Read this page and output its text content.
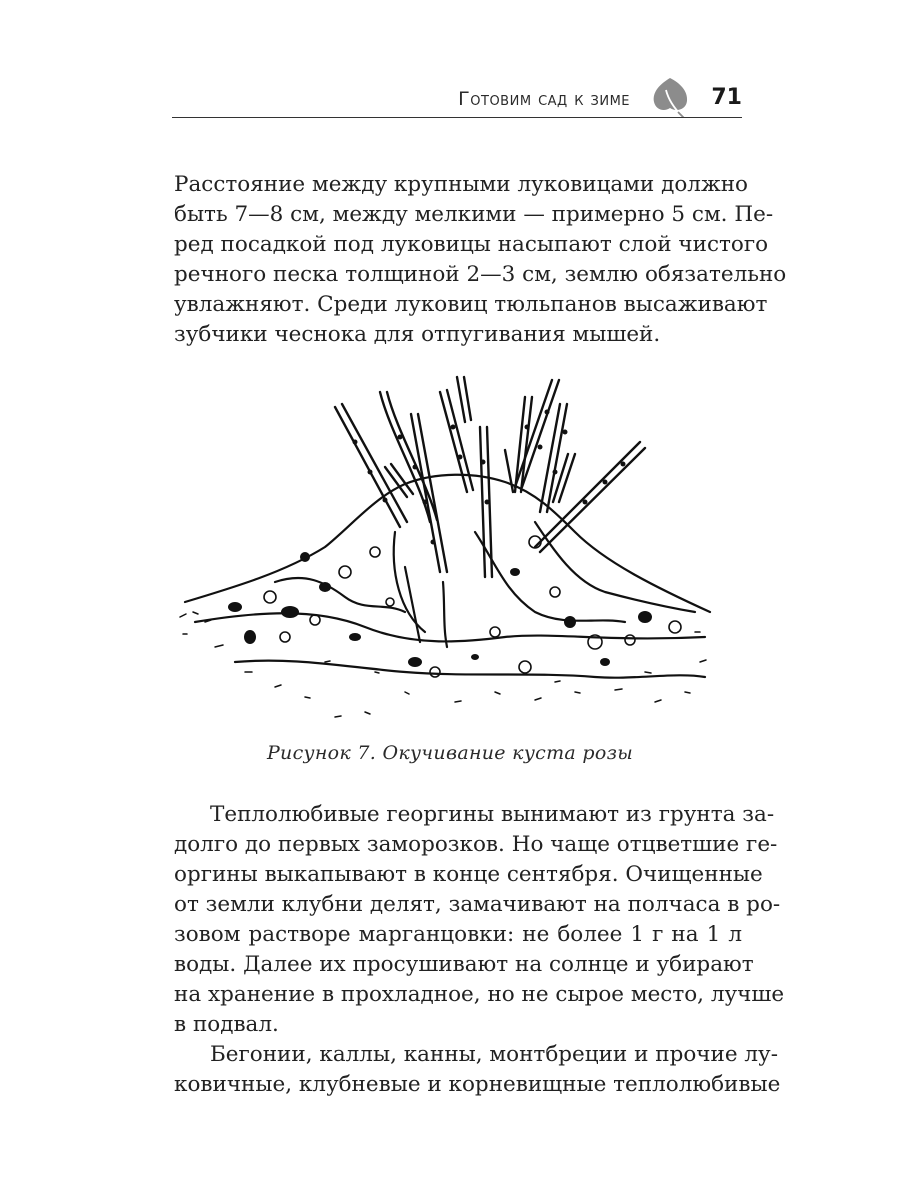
Готовим сад к зиме	71
Расстояние между крупными луковицами должно
быть 7—8 см, между мелкими — примерно 5 см. Пе-
ред посадкой под луковицы насыпают слой чистого
речного песка толщиной 2—3 см, землю обязательно
увлажняют. Среди луковиц тюльпанов высаживают
зубчики чеснока для отпугивания мышей.
Рисунок 7. Окучивание куста розы
Теплолюбивые георгины вынимают из грунта за-
долго до первых заморозков. Но чаще отцветшие ге-
оргины выкапывают в конце сентября. Очищенные
от земли клубни делят, замачивают на полчаса в ро-
зовом растворе марганцовки: не более 1 г на 1 л
воды. Далее их просушивают на солнце и убирают
на хранение в прохладное, но не сырое место, лучше
в подвал.
Бегонии, каллы, канны, монтбреции и прочие лу-
ковичные, клубневые и корневищные теплолюбивые
